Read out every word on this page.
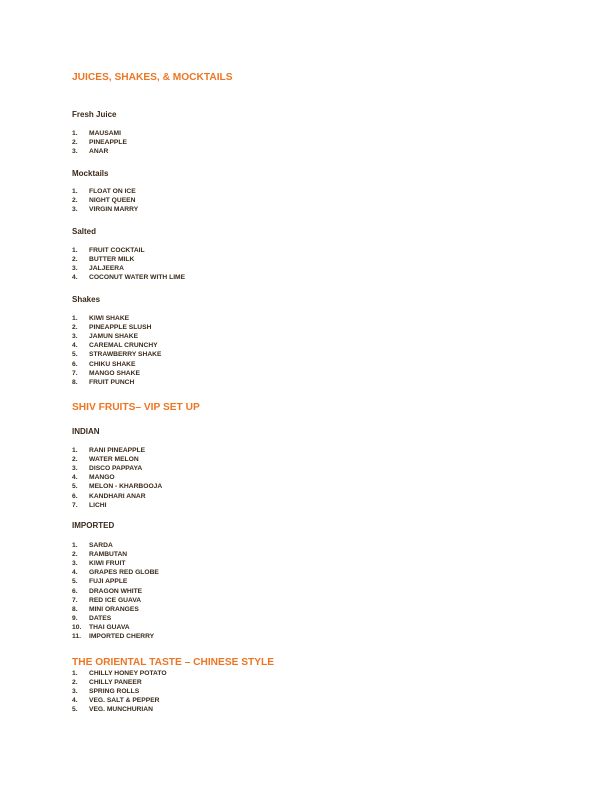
JUICES, SHAKES, & MOCKTAILS
Fresh Juice
1.	MAUSAMI
2.	PINEAPPLE
3.	ANAR
Mocktails
1.	FLOAT ON ICE
2.	NIGHT QUEEN
3.	VIRGIN MARRY
Salted
1.	FRUIT COCKTAIL
2.	BUTTER MILK
3.	JALJEERA
4.	COCONUT WATER WITH LIME
Shakes
1.	KIWI SHAKE
2.	PINEAPPLE SLUSH
3.	JAMUN SHAKE
4.	CAREMAL CRUNCHY
5.	STRAWBERRY SHAKE
6.	CHIKU SHAKE
7.	MANGO SHAKE
8.	FRUIT PUNCH
SHIV FRUITS– VIP SET UP
INDIAN
1.	RANI PINEAPPLE
2.	WATER MELON
3.	DISCO PAPPAYA
4.	MANGO
5.	MELON - KHARBOOJA
6.	KANDHARI ANAR
7.	LICHI
IMPORTED
1.	SARDA
2.	RAMBUTAN
3.	KIWI FRUIT
4.	GRAPES RED GLOBE
5.	FUJI APPLE
6.	DRAGON WHITE
7.	RED ICE GUAVA
8.	MINI ORANGES
9.	DATES
10.	THAI GUAVA
11.	IMPORTED CHERRY
THE ORIENTAL TASTE – CHINESE STYLE
1.	CHILLY HONEY POTATO
2.	CHILLY PANEER
3.	SPRING ROLLS
4.	VEG. SALT & PEPPER
5.	VEG. MUNCHURIAN
